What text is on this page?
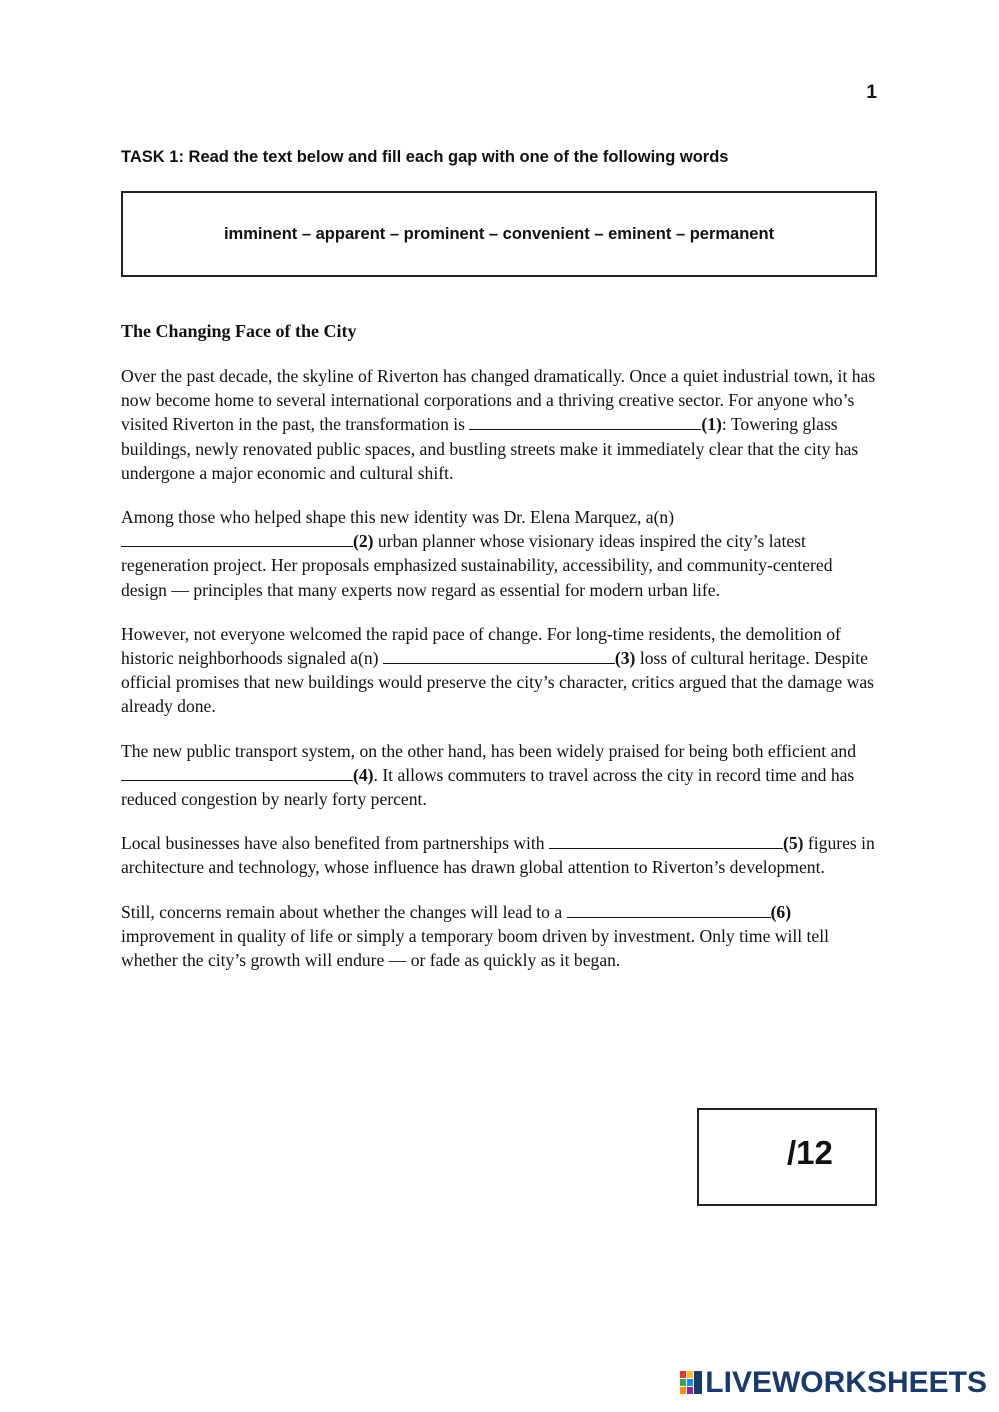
1
TASK 1: Read the text below and fill each gap with one of the following words
imminent – apparent – prominent – convenient – eminent – permanent
The Changing Face of the City

Over the past decade, the skyline of Riverton has changed dramatically. Once a quiet industrial town, it has now become home to several international corporations and a thriving creative sector. For anyone who’s visited Riverton in the past, the transformation is	(1): Towering glass buildings, newly renovated public spaces, and bustling streets make it immediately clear that the city has undergone a major economic and cultural shift.

Among those who helped shape this new identity was Dr. Elena Marquez, a(n) (2) urban planner whose visionary ideas inspired the city’s latest regeneration project. Her proposals emphasized sustainability, accessibility, and community-centered design — principles that many experts now regard as essential for modern urban life.

However, not everyone welcomed the rapid pace of change. For long-time residents, the demolition of historic neighborhoods signaled a(n)	(3) loss of cultural heritage. Despite official promises that new buildings would preserve the city’s character, critics argued that the damage was already done.

The new public transport system, on the other hand, has been widely praised for being both efficient and (4). It allows commuters to travel across the city in record time and has reduced congestion by nearly forty percent.

Local businesses have also benefited from partnerships with	(5) figures in architecture and technology, whose influence has drawn global attention to Riverton’s development.

Still, concerns remain about whether the changes will lead to a	(6) improvement in quality of life or simply a temporary boom driven by investment. Only time will tell whether the city’s growth will endure — or fade as quickly as it began.

/12
LIVEWORKSHEETS
